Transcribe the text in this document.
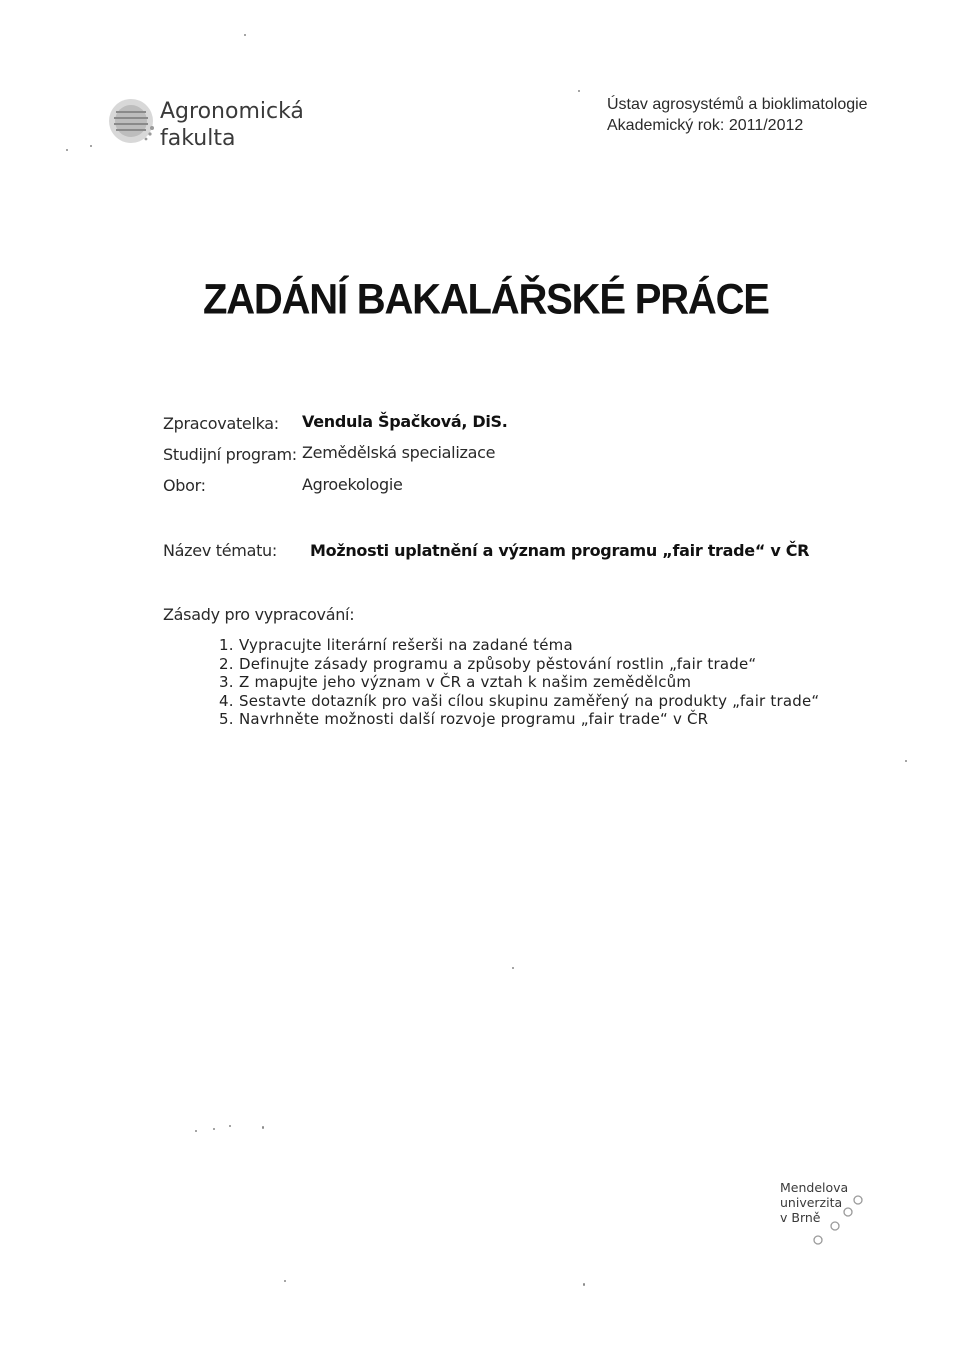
Agronomická
fakulta
Ústav agrosystémů a bioklimatologie
Akademický rok: 2011/2012
ZADÁNÍ BAKALÁŘSKÉ PRÁCE
Zpracovatelka: Vendula Špačková, DiS.
Studijní program: Zemědělská specializace
Obor:	Agroekologie
Název tématu: Možnosti uplatnění a význam programu „fair trade“ v ČR
Zásady pro vypracování:
1. Vypracujte literární rešerši na zadané téma
2. Definujte zásady programu a způsoby pěstování rostlin „fair trade“
3. Z mapujte jeho význam v ČR a vztah k našim zemědělcům
4. Sestavte dotazník pro vaši cílou skupinu zaměřený na produkty „fair trade“
5. Navrhněte možnosti další rozvoje programu „fair trade“ v ČR
Mendelova
univerzita
v Brně
